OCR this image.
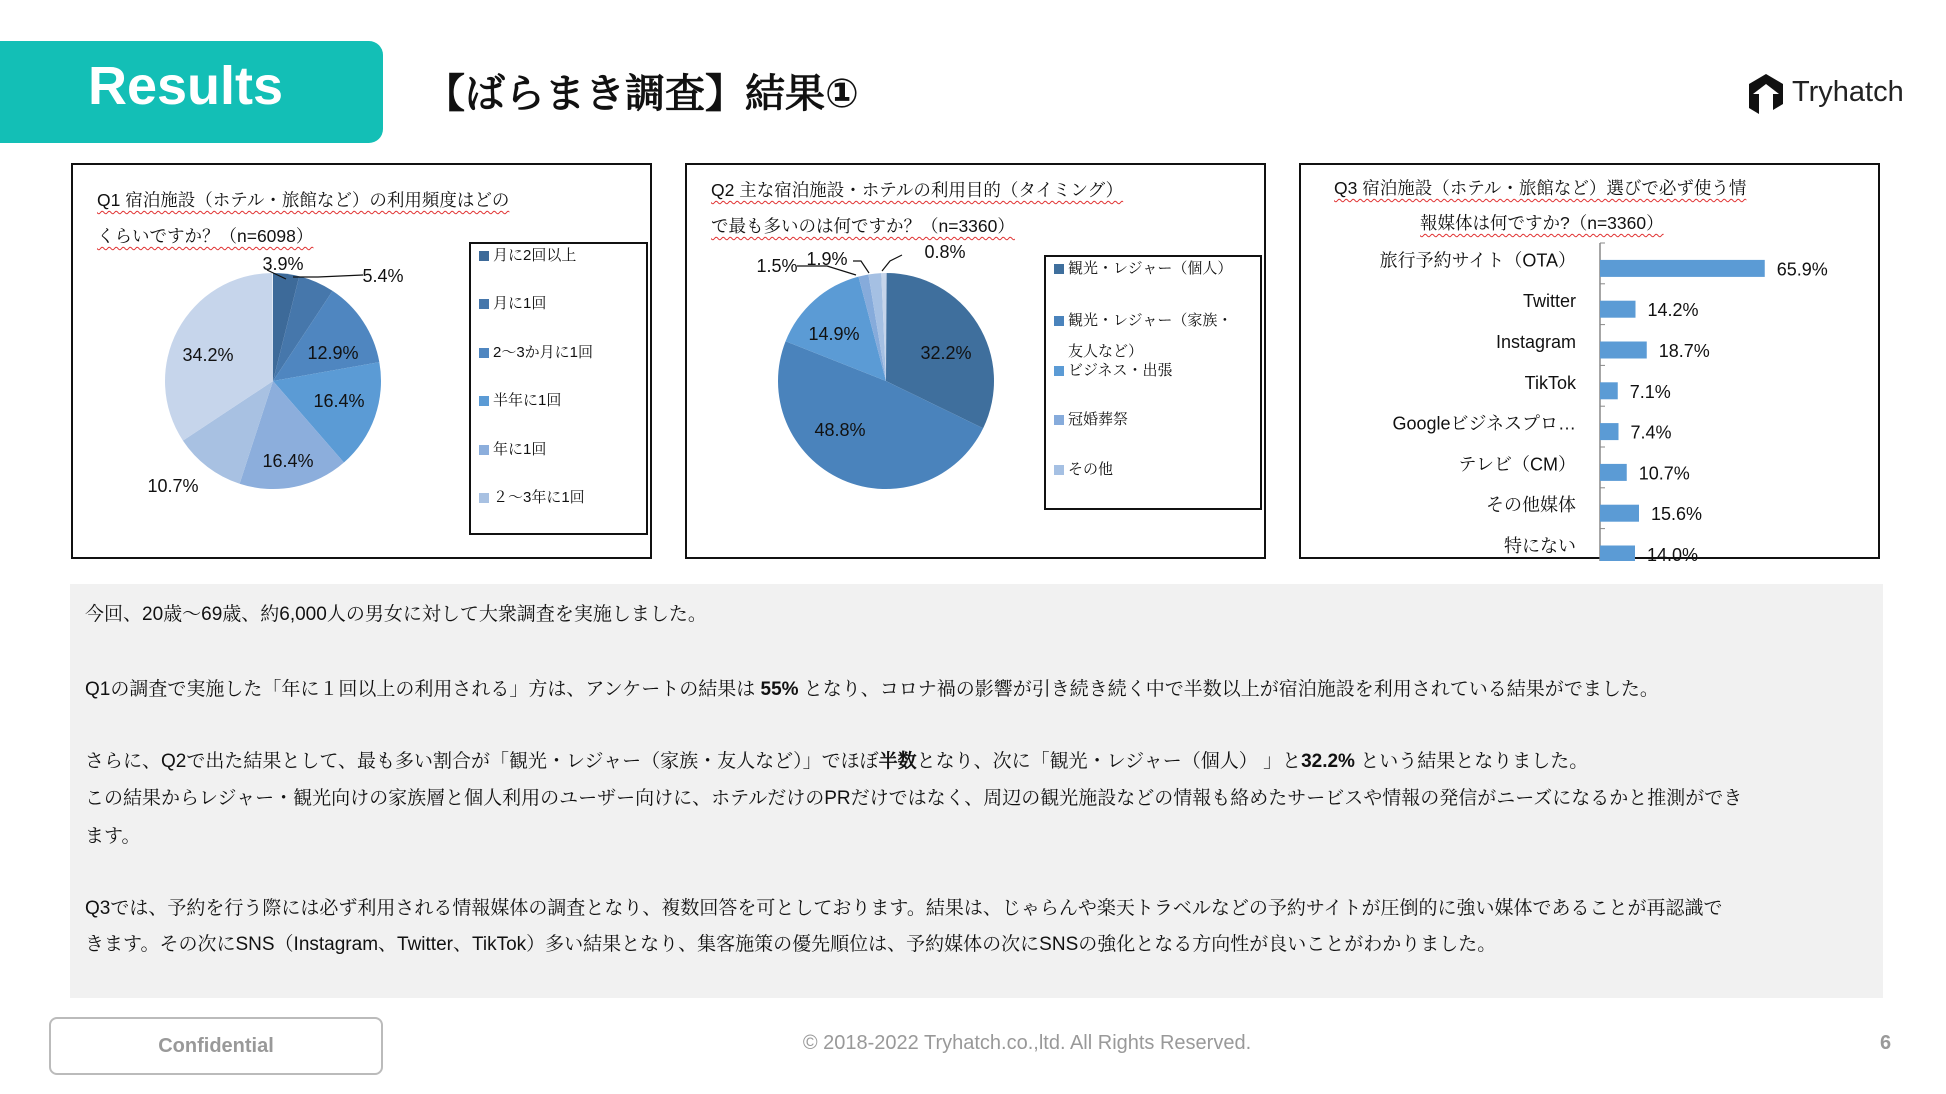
Results	【ばらまき調査】結果①	Tryhatch
Q1 宿泊施設（ホテル・旅館など）の利用頻度はどの
くらいですか？（n=6098）
3.9%
5.4%
12.9%
16.4%
16.4%
10.7%
34.2%
月に2回以上
月に1回
2〜3か月に1回
半年に1回
年に1回
２〜3年に1回
Q2 主な宿泊施設・ホテルの利用目的（タイミング）
で最も多いのは何ですか？（n=3360）
32.2%
48.8%
14.9%
1.5% 1.9%	0.8%
観光・レジャー（個人）
観光・レジャー（家族・
友人など）
ビジネス・出張
冠婚葬祭
その他
Q3 宿泊施設（ホテル・旅館など）選びで必ず使う情
報媒体は何ですか?（n=3360）
旅行予約サイト（OTA）	65.9%
Twitter	14.2%
Instagram	18.7%
TikTok	7.1%
Googleビジネスプロ…	7.4%
テレビ（CM）	10.7%
その他媒体	15.6%
特にない	14.0%
今回、20歳〜69歳、約6,000人の男女に対して大衆調査を実施しました。
Q1の調査で実施した「年に１回以上の利用される」方は、アンケートの結果は 55% となり、コロナ禍の影響が引き続き続く中で半数以上が宿泊施設を利用されている結果がでました。
さらに、Q2で出た結果として、最も多い割合が「観光・レジャー（家族・友人など）」でほぼ半数となり、次に「観光・レジャー（個人） 」と32.2% という結果となりました。
この結果からレジャー・観光向けの家族層と個人利用のユーザー向けに、ホテルだけのPRだけではなく、周辺の観光施設などの情報も絡めたサービスや情報の発信がニーズになるかと推測ができ
ます。
Q3では、予約を行う際には必ず利用される情報媒体の調査となり、複数回答を可としております。結果は、じゃらんや楽天トラベルなどの予約サイトが圧倒的に強い媒体であることが再認識で
きます。その次にSNS（Instagram、Twitter、TikTok）多い結果となり、集客施策の優先順位は、予約媒体の次にSNSの強化となる方向性が良いことがわかりました。
Confidential	© 2018-2022 Tryhatch.co.,ltd. All Rights Reserved.	6
